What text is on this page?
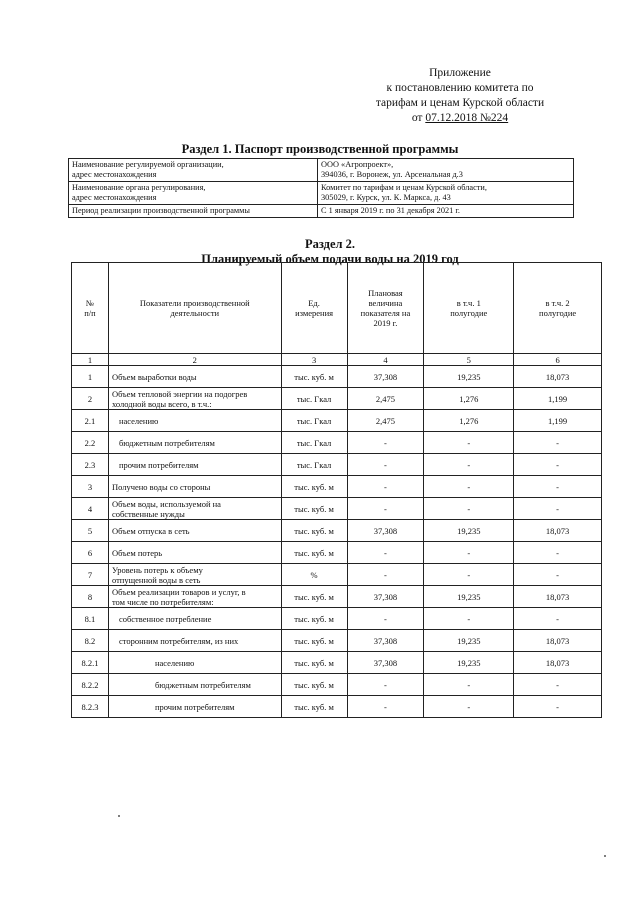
Приложение
к постановлению комитета по
тарифам и ценам Курской области
от 07.12.2018 №224
Раздел 1. Паспорт производственной программы
Наименование регулируемой организации,
адрес местонахождения	ООО «Агропроект»,
394036, г. Воронеж, ул. Арсенальная д.3
Наименование органа регулирования,
адрес местонахождения	Комитет по тарифам и ценам Курской области,
305029, г. Курск, ул. К. Маркса, д. 43
Период реализации производственной программы	С 1 января 2019 г. по 31 декабря 2021 г.
Раздел 2.
Планируемый объем подачи воды на 2019 год
№
п/п	Показатели производственной
деятельности	Ед.
измерения	Плановая
величина
показателя на
2019 г.	в т.ч. 1
полугодие	в т.ч. 2
полугодие
1	2	3	4	5	6
1	Объем выработки воды	тыс. куб. м	37,308	19,235	18,073
2	Объем тепловой энергии на подогрев
холодной воды всего, в т.ч.:	тыс. Гкал	2,475	1,276	1,199
2.1	населению	тыс. Гкал	2,475	1,276	1,199
2.2	бюджетным потребителям	тыс. Гкал	-	-	-
2.3	прочим потребителям	тыс. Гкал	-	-	-
3	Получено воды со стороны	тыс. куб. м	-	-	-
4	Объем воды, используемой на
собственные нужды	тыс. куб. м	-	-	-
5	Объем отпуска в сеть	тыс. куб. м	37,308	19,235	18,073
6	Объем потерь	тыс. куб. м	-	-	-
7	Уровень потерь к объему
отпущенной воды в сеть	%	-	-	-
8	Объем реализации товаров и услуг, в
том числе по потребителям:	тыс. куб. м	37,308	19,235	18,073
8.1	собственное потребление	тыс. куб. м	-	-	-
8.2	сторонним потребителям, из них	тыс. куб. м	37,308	19,235	18,073
8.2.1	населению	тыс. куб. м	37,308	19,235	18,073
8.2.2	бюджетным потребителям	тыс. куб. м	-	-	-
8.2.3	прочим потребителям	тыс. куб. м	-	-	-
